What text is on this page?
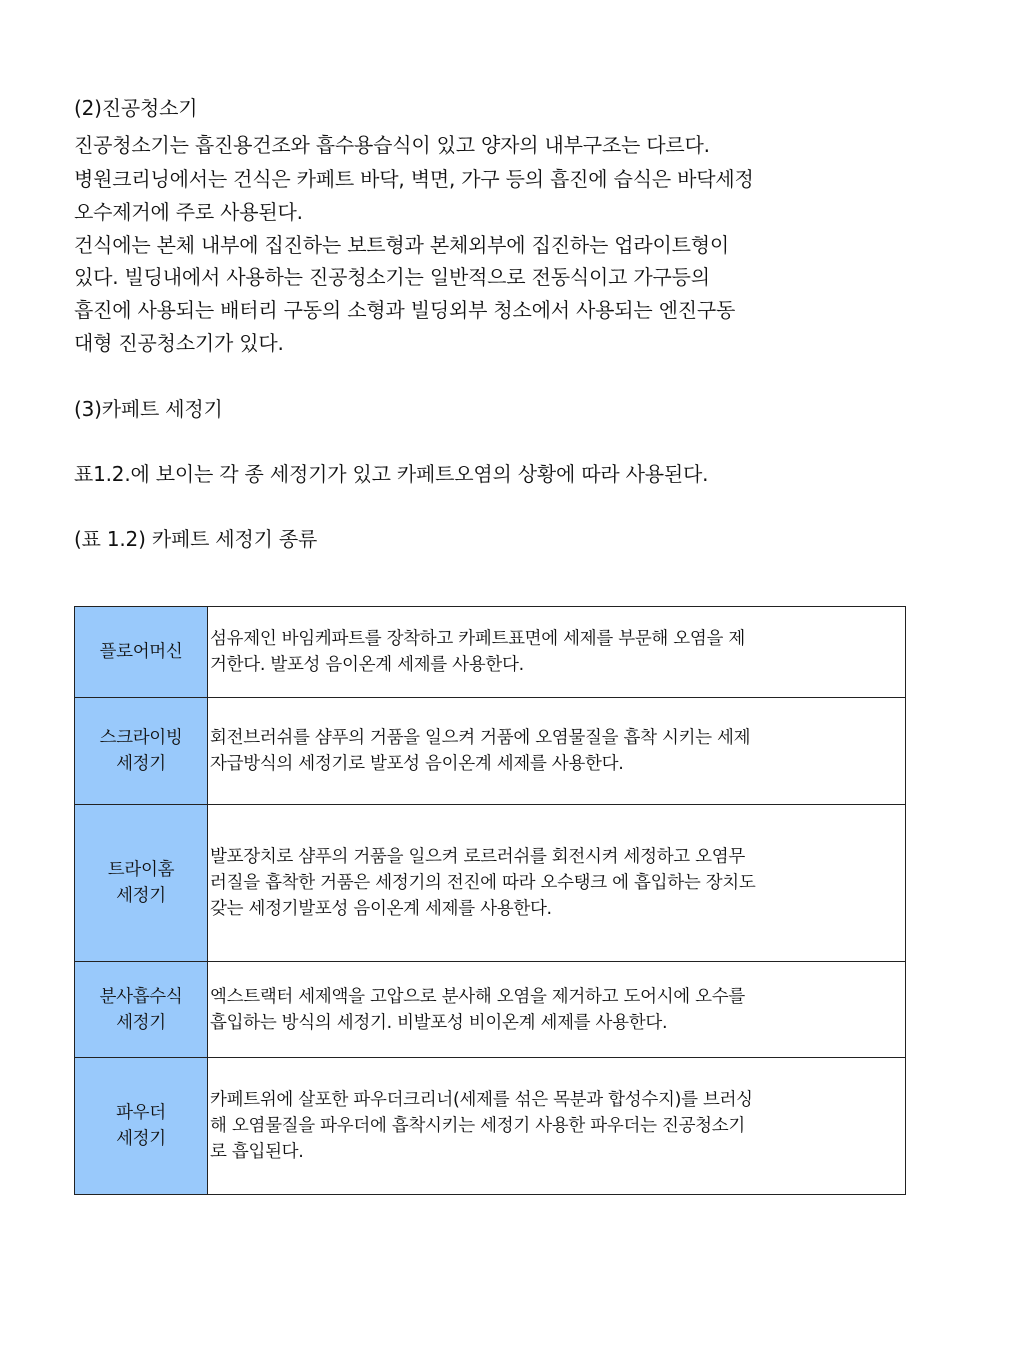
(2)진공청소기
진공청소기는 흡진용건조와 흡수용습식이 있고 양자의 내부구조는 다르다.
병원크리닝에서는 건식은 카페트 바닥, 벽면, 가구 등의 흡진에 습식은 바닥세정
오수제거에 주로 사용된다.
건식에는 본체 내부에 집진하는 보트형과 본체외부에 집진하는 업라이트형이
있다. 빌딩내에서 사용하는 진공청소기는 일반적으로 전동식이고 가구등의
흡진에 사용되는 배터리 구동의 소형과 빌딩외부 청소에서 사용되는 엔진구동
대형 진공청소기가 있다.
(3)카페트 세정기
표1.2.에 보이는 각 종 세정기가 있고 카페트오염의 상황에 따라 사용된다.
(표 1.2) 카페트 세정기 종류
플로어머신	섬유제인 바임케파트를 장착하고 카페트표면에 세제를 부문해 오염을 제
거한다. 발포성 음이온계 세제를 사용한다.

스크라이빙
세정기	회전브러쉬를 샴푸의 거품을 일으켜 거품에 오염물질을 흡착 시키는 세제
자급방식의 세정기로 발포성 음이온계 세제를 사용한다.

트라이홈
세정기	발포장치로 샴푸의 거품을 일으켜 로르러쉬를 회전시켜 세정하고 오염무
러질을 흡착한 거품은 세정기의 전진에 따라 오수탱크 에 흡입하는 장치도
갖는 세정기발포성 음이온계 세제를 사용한다.

분사흡수식
세정기	엑스트랙터 세제액을 고압으로 분사해 오염을 제거하고 도어시에 오수를
흡입하는 방식의 세정기. 비발포성 비이온계 세제를 사용한다.

파우더
세정기	카페트위에 살포한 파우더크리너(세제를 섞은 목분과 합성수지)를 브러싱
해 오염물질을 파우더에 흡착시키는 세정기 사용한 파우더는 진공청소기
로 흡입된다.
